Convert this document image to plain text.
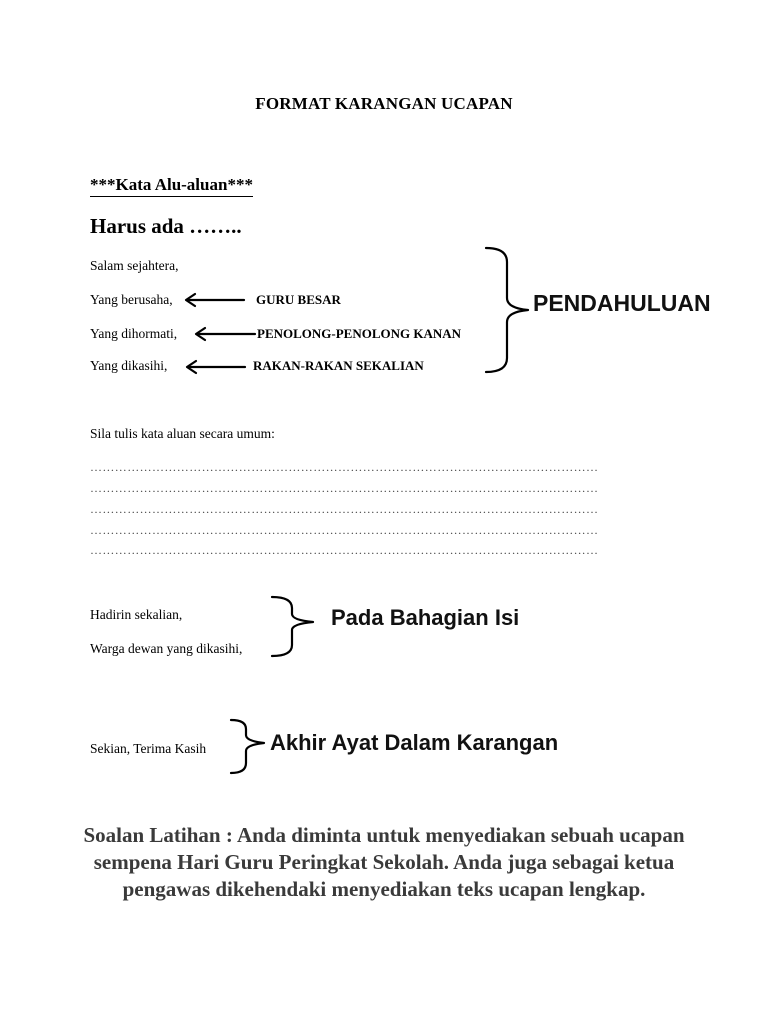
FORMAT KARANGAN UCAPAN
***Kata Alu-aluan***
Harus ada ……..
Salam sejahtera,
Yang berusaha,	GURU BESAR
Yang dihormati,	PENOLONG-PENOLONG KANAN
Yang dikasihi,	RAKAN-RAKAN SEKALIAN
PENDAHULUAN
Sila tulis kata aluan secara umum:
……………………………………………………………………………………………………………
……………………………………………………………………………………………………………
……………………………………………………………………………………………………………
……………………………………………………………………………………………………………
……………………………………………………………………………………………………………
Hadirin sekalian,
Warga dewan yang dikasihi,
Pada Bahagian Isi
Sekian, Terima Kasih	Akhir Ayat Dalam Karangan
Soalan Latihan : Anda diminta untuk menyediakan sebuah ucapan sempena Hari Guru Peringkat Sekolah. Anda juga sebagai ketua pengawas dikehendaki menyediakan teks ucapan lengkap.
